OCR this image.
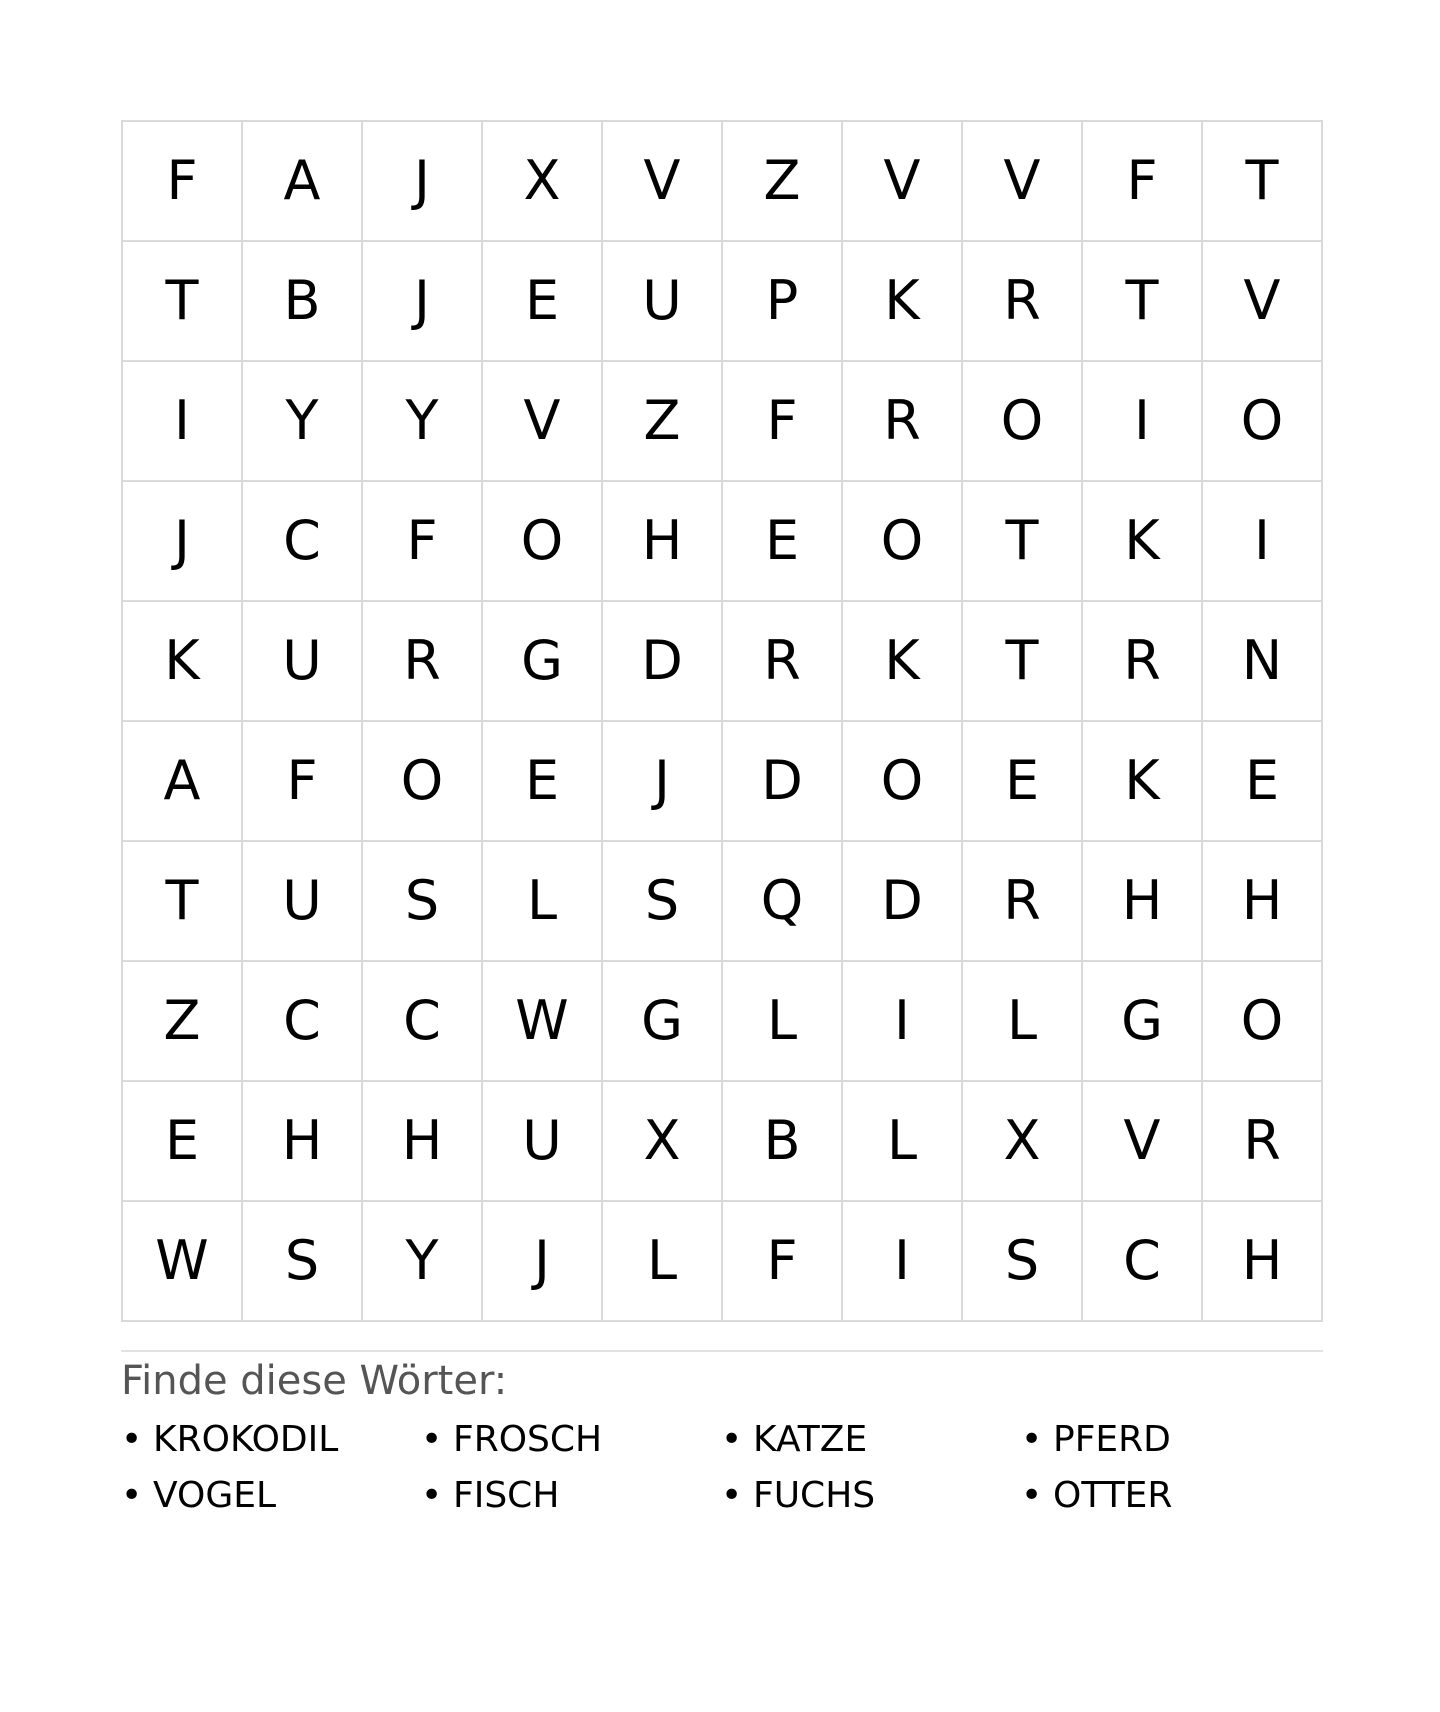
F	A	J	X	V	Z	V	V	F	T
T	B	J	E	U	P	K	R	T	V
I	Y	Y	V	Z	F	R	O	I	O
J	C	F	O	H	E	O	T	K	I
K	U	R	G	D	R	K	T	R	N
A	F	O	E	J	D	O	E	K	E
T	U	S	L	S	Q	D	R	H	H
Z	C	C	W	G	L	I	L	G	O
E	H	H	U	X	B	L	X	V	R
W	S	Y	J	L	F	I	S	C	H
Finde diese Wörter:
• KROKODIL • FROSCH	• KATZE	• PFERD
• VOGEL	• FISCH	• FUCHS	• OTTER
